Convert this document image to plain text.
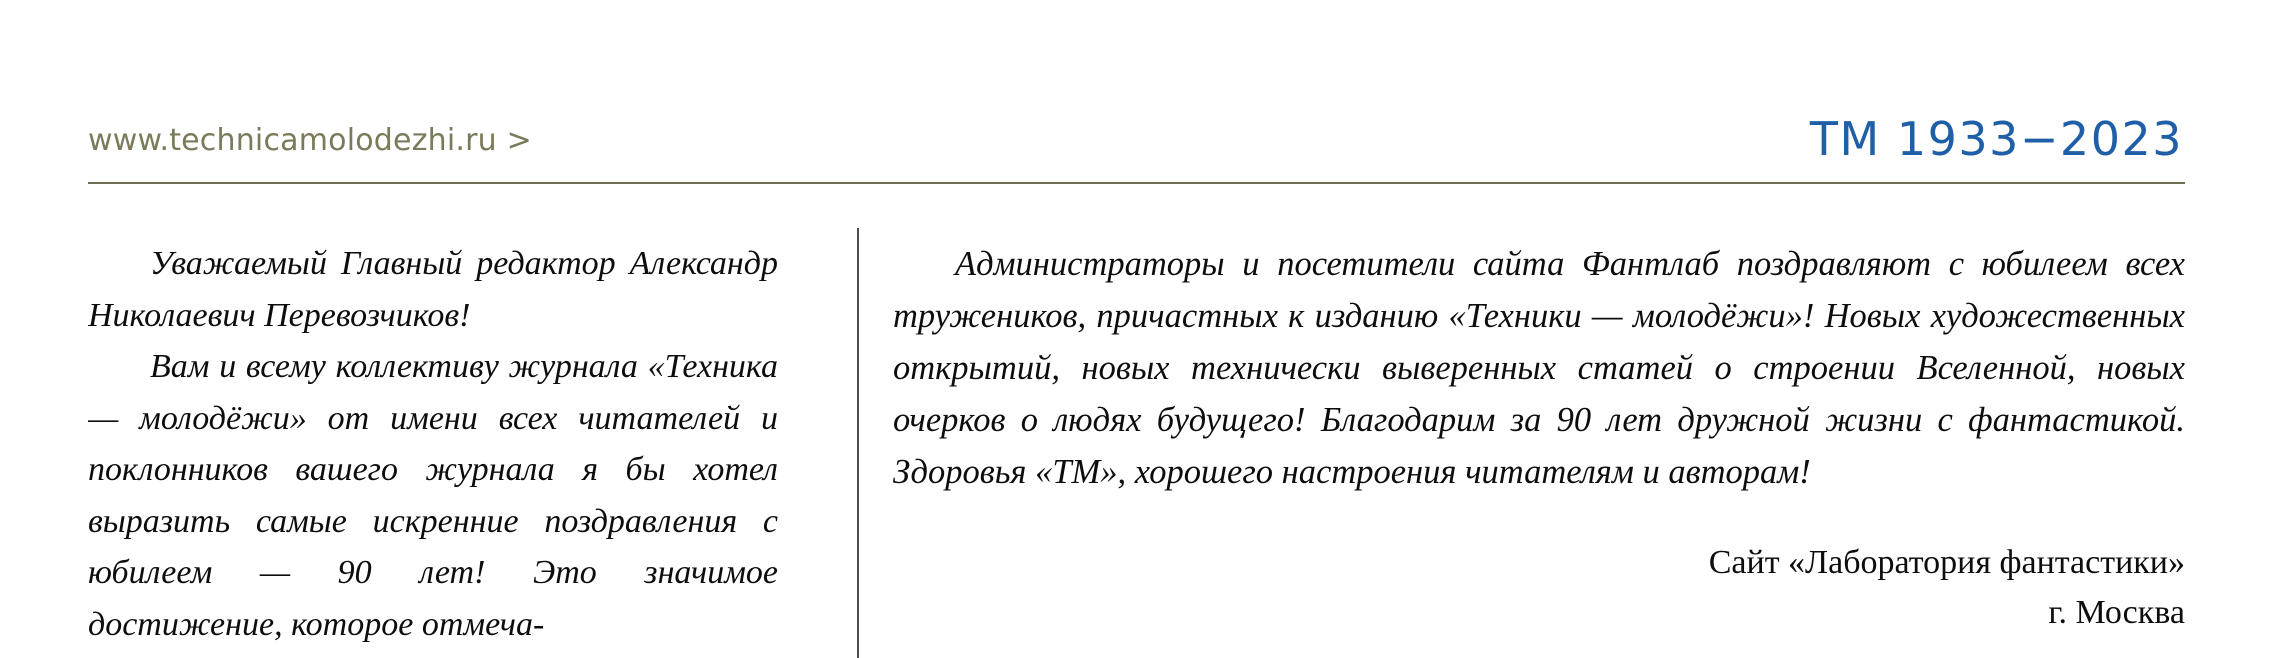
www.technicamolodezhi.ru >	ТМ 1933−2023

Уважаемый Главный редактор Александр Николаевич Перевозчиков!

Вам и всему коллективу журнала «Техника — молодёжи» от имени всех читателей и поклонников вашего журнала я бы хотел выразить самые искренние поздравления с юбилеем — 90 лет! Это значимое достижение, которое отмеча-

Администраторы и посетители сайта Фантлаб поздравляют с юбилеем всех тружеников, причастных к изданию «Техники — молодёжи»! Новых художественных открытий, новых технически выверенных статей о строении Вселенной, новых очерков о людях будущего! Благодарим за 90 лет дружной жизни с фантастикой. Здоровья «ТМ», хорошего настроения читателям и авторам!

Сайт «Лаборатория фантастики»
г. Москва
